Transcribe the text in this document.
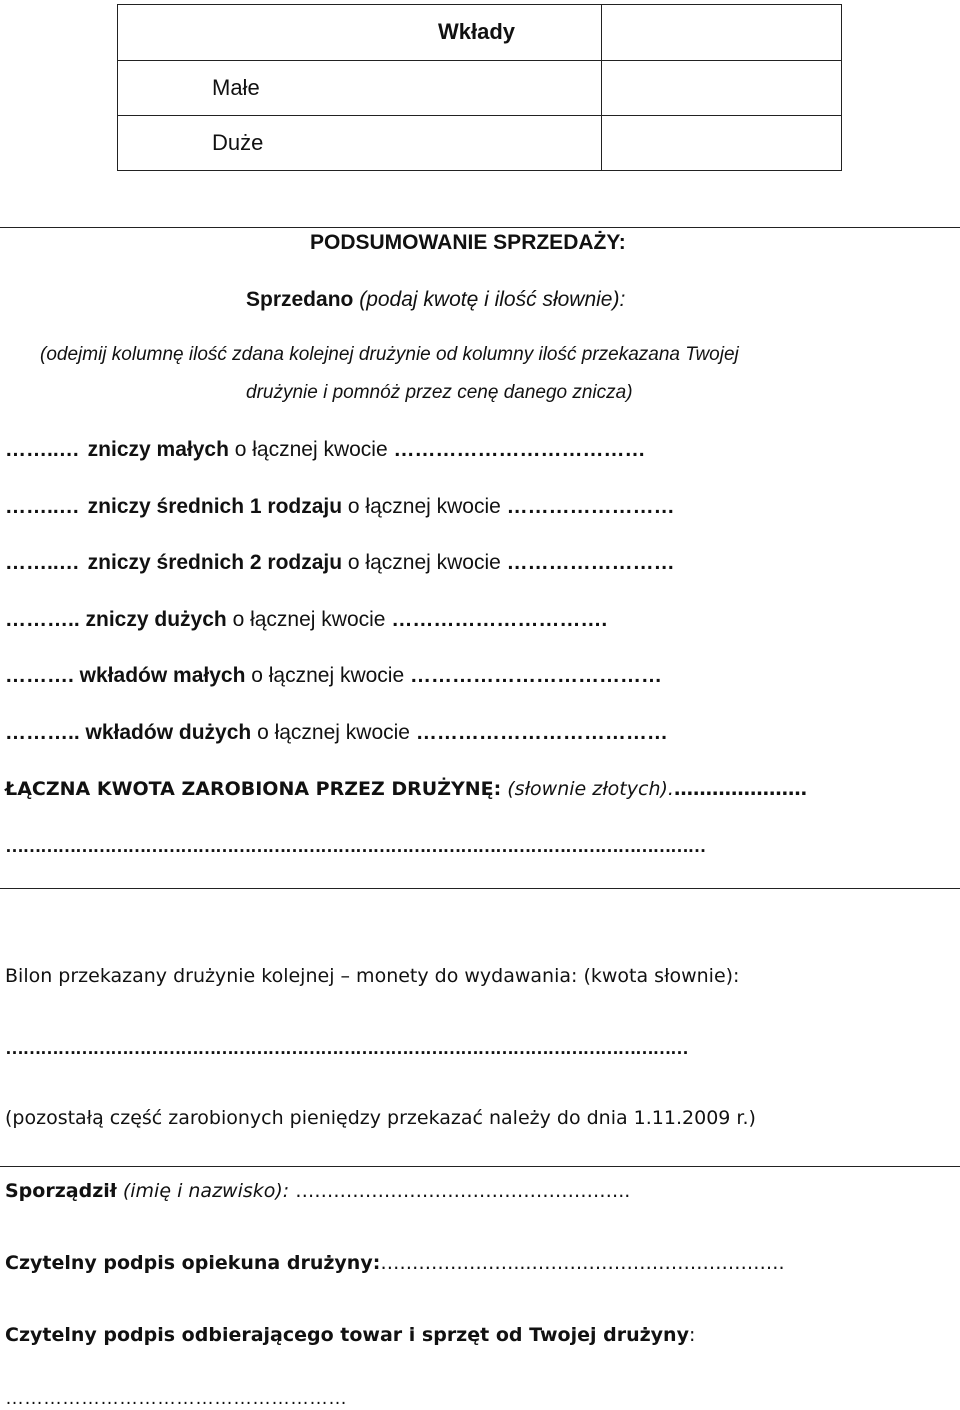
Wkłady
Małe
Duże
PODSUMOWANIE SPRZEDAŻY:
Sprzedano (podaj kwotę i ilość słownie):
(odejmij kolumnę ilość zdana kolejnej drużynie od kolumny ilość przekazana Twojej
drużynie i pomnóż przez cenę danego znicza)
……..… zniczy małych o łącznej kwocie ………………………………
……..… zniczy średnich 1 rodzaju o łącznej kwocie ……………………
……..… zniczy średnich 2 rodzaju o łącznej kwocie ……………………
……….. zniczy dużych o łącznej kwocie ………………………….
………. wkładów małych o łącznej kwocie ………………………………
……….. wkładów dużych o łącznej kwocie ………………………………
ŁĄCZNA KWOTA ZAROBIONA PRZEZ DRUŻYNĘ: (słownie złotych).…………………
…………………………………………………………………………………………………………
Bilon przekazany drużynie kolejnej – monety do wydawania: (kwota słownie):
………………………………………………………………………………………………………
(pozostałą część zarobionych pieniędzy przekazać należy do dnia 1.11.2009 r.)
Sporządził (imię i nazwisko): ……………………………………………..
Czytelny podpis opiekuna drużyny:…………………...………………………………….
Czytelny podpis odbierającego towar i sprzęt od Twojej drużyny:
………………………………………………
